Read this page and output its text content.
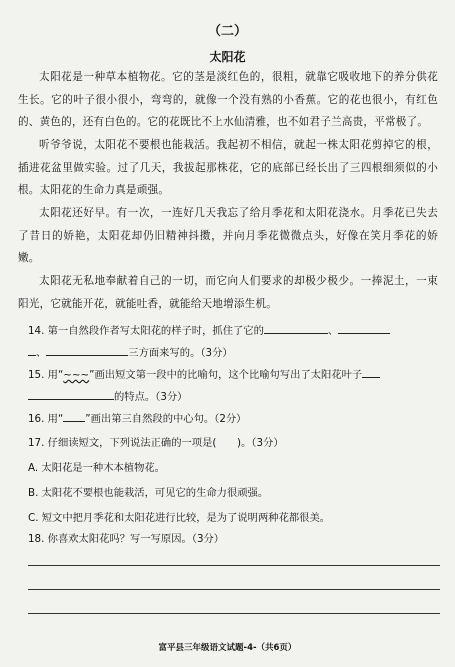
（二）
太阳花

太阳花是一种草本植物花。它的茎是淡红色的，很粗，就靠它吸收地下的养分供花生长。它的叶子很小很小，弯弯的，就像一个没有熟的小香蕉。它的花也很小，有红色的、黄色的，还有白色的。它的花既比不上水仙清雅，也不如君子兰高贵，平常极了。

听爷爷说，太阳花不要根也能栽活。我起初不相信，就起一株太阳花剪掉它的根，插进花盆里做实验。过了几天，我拔起那株花，它的底部已经长出了三四根细须似的小根。太阳花的生命力真是顽强。

太阳花还好早。有一次，一连好几天我忘了给月季花和太阳花浇水。月季花已失去了昔日的娇艳，太阳花却仍旧精神抖擞，并向月季花微微点头，好像在笑月季花的娇嫩。

太阳花无私地奉献着自己的一切，而它向人们要求的却极少极少。一捧泥土，一束阳光，它就能开花，就能吐香，就能给天地增添生机。

14. 第一自然段作者写太阳花的样子时，抓住了它的	、
、	三方面来写的。（3分）
15. 用“~~~”画出短文第一段中的比喻句，这个比喻句写出了太阳花叶子
的特点。（3分）
16. 用“ ”画出第三自然段的中心句。（2分）
17. 仔细读短文，下列说法正确的一项是(　　)。（3分）
A. 太阳花是一种木本植物花。
B. 太阳花不要根也能栽活，可见它的生命力很顽强。
C. 短文中把月季花和太阳花进行比较，是为了说明两种花都很美。
18. 你喜欢太阳花吗？写一写原因。（3分）
富平县三年级语文试题-4-（共6页）
